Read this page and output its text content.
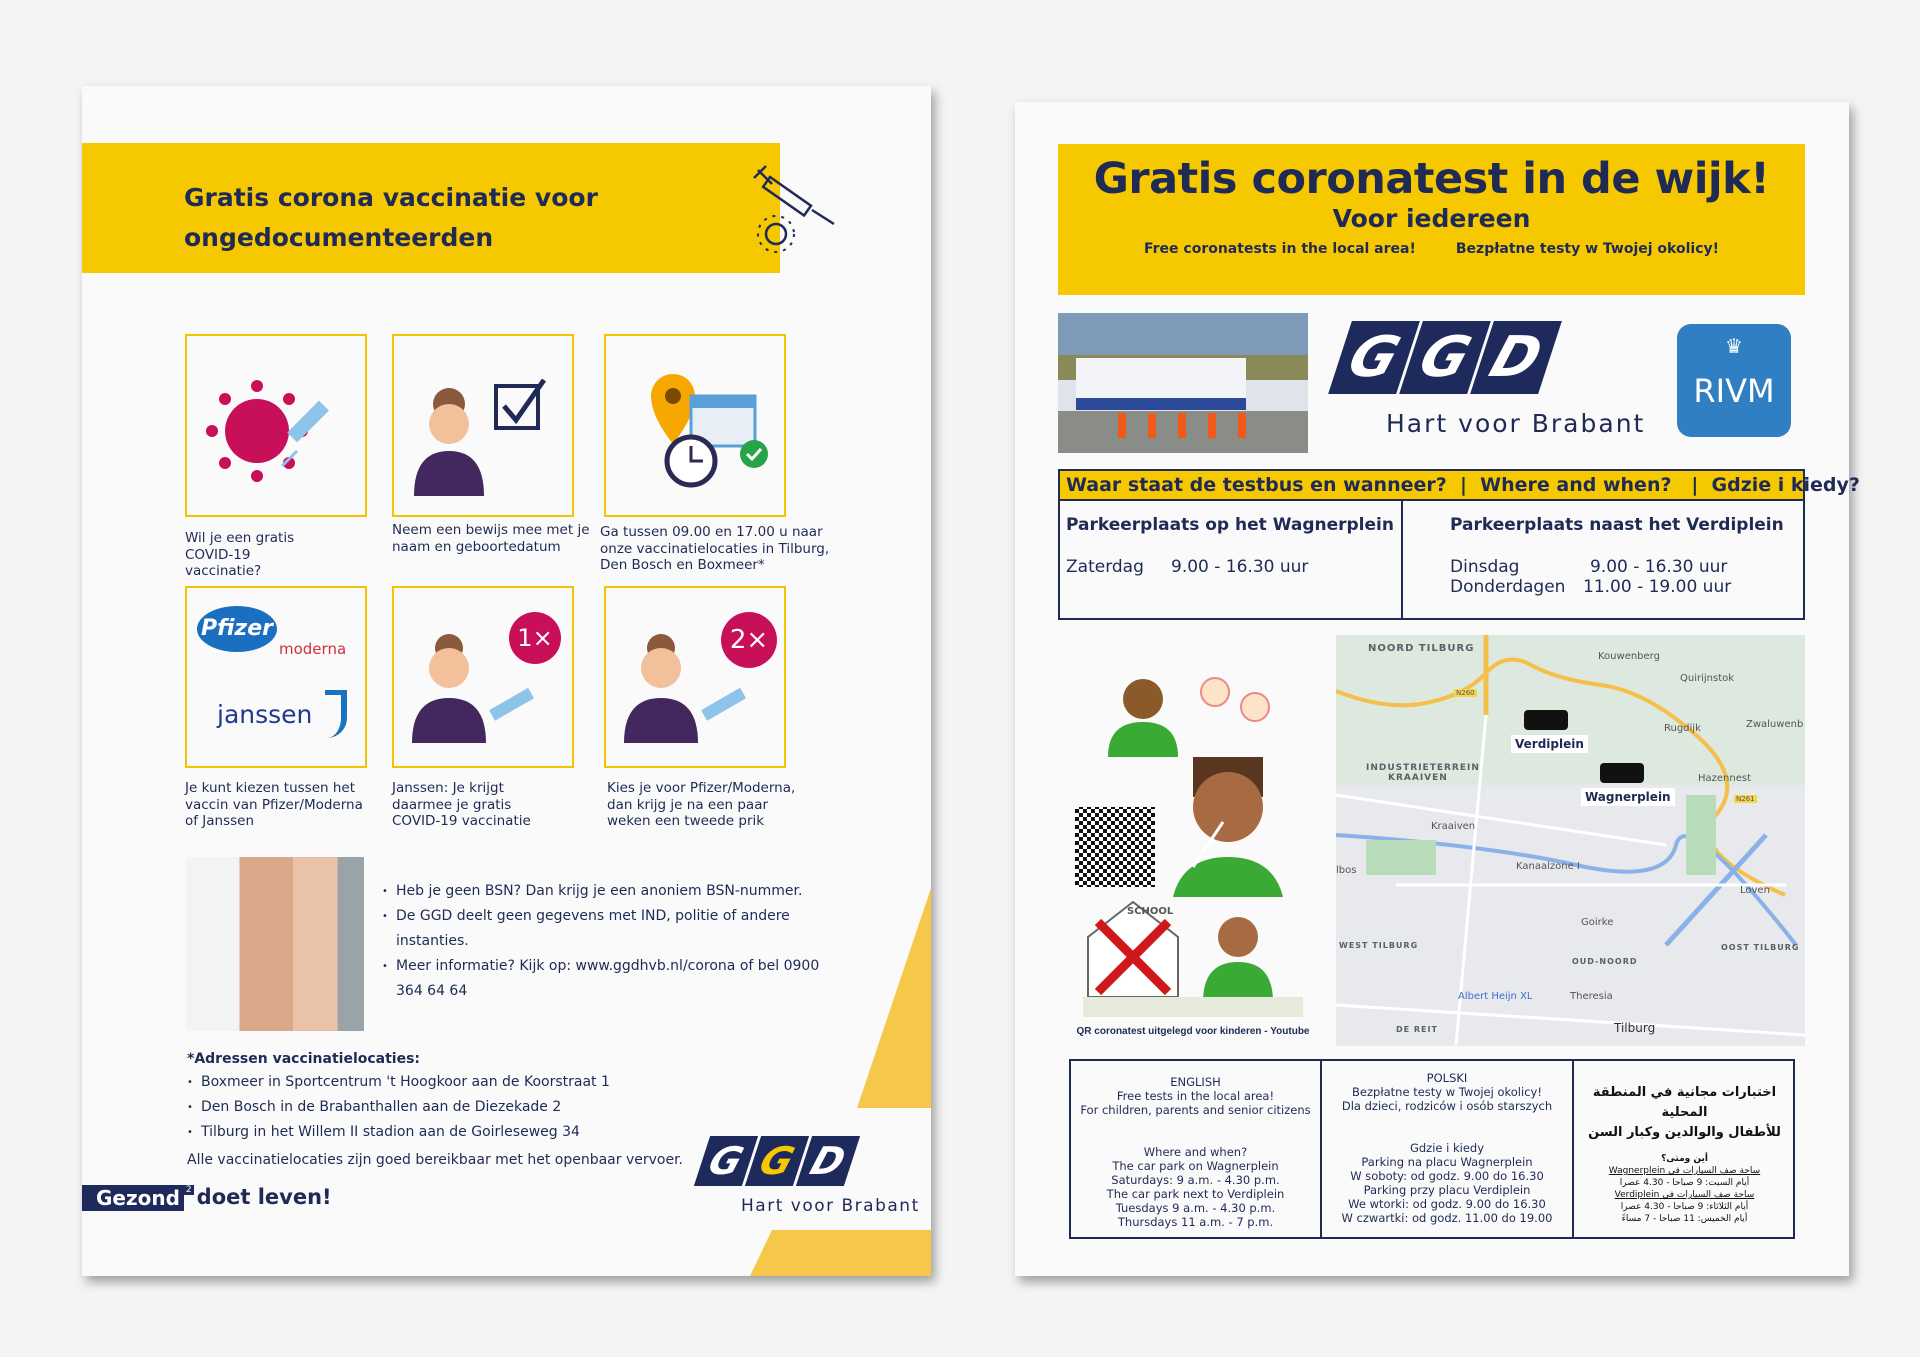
Gratis corona vaccinatie voor
ongedocumenteerden
Wil je een gratis COVID-19 vaccinatie?
Neem een bewijs mee met je naam en geboortedatum
Ga tussen 09.00 en 17.00 u naar onze vaccinatielocaties in Tilburg, Den Bosch en Boxmeer*
Pfizer
moderna
janssen
1×	2×
Je kunt kiezen tussen het vaccin van Pfizer/Moderna of Janssen
Janssen: Je krijgt daarmee je gratis COVID-19 vaccinatie
Kies je voor Pfizer/Moderna, dan krijg je na een paar weken een tweede prik
• Heb je geen BSN? Dan krijg je een anoniem BSN-nummer.
• De GGD deelt geen gegevens met IND, politie of andere instanties.
• Meer informatie? Kijk op: www.ggdhvb.nl/corona of bel 0900 364 64 64
*Adressen vaccinatielocaties:
• Boxmeer in Sportcentrum 't Hoogkoor aan de Koorstraat 1
• Den Bosch in de Brabanthallen aan de Diezekade 2
• Tilburg in het Willem II stadion aan de Goirleseweg 34
Alle vaccinatielocaties zijn goed bereikbaar met het openbaar vervoer.
Gezond $^2$ doet leven!
G G D
Hart voor Brabant
Gratis coronatest in de wijk!
Voor iedereen
Free coronatests in the local area!	Bezpłatne testy w Twojej okolicy!
G G D
Hart voor Brabant
♛
RIVM
Waar staat de testbus en wanneer?  |  Where and when?   |  Gdzie i kiedy?
Parkeerplaats op het Wagnerplein
Zaterdag	9.00 - 16.30 uur
Parkeerplaats naast het Verdiplein
Dinsdag	9.00 - 16.30 uur
Donderdagen	11.00 - 19.00 uur
SCHOOL
QR coronatest uitgelegd voor kinderen - Youtube
NOORD TILBURG
Kouwenberg
Quirijnstok
N260
Rugdijk	Zwaluwenb
INDUSTRIETERREIN
KRAAIVEN	Hazennest
N261
Kraaiven
Kanaalzone I
lbos
Loven
Goirke
WEST TILBURG	OOST TILBURG
OUD-NOORD
Albert Heijn XL	Theresia
DE REIT	Tilburg
Verdiplein
Wagnerplein
ENGLISH
Free tests in the local area!
For children, parents and senior citizens
Where and when?
The car park on Wagnerplein
Saturdays: 9 a.m. - 4.30 p.m.
The car park next to Verdiplein
Tuesdays 9 a.m. - 4.30 p.m.
Thursdays 11 a.m. - 7 p.m.
POLSKI
Bezpłatne testy w Twojej okolicy!
Dla dzieci, rodziców i osób starszych
Gdzie i kiedy
Parking na placu Wagnerplein
W soboty: od godz. 9.00 do 16.30
Parking przy placu Verdiplein
We wtorki: od godz. 9.00 do 16.30
W czwartki: od godz. 11.00 do 19.00
اختبارات مجانية في المنطقة المحلية
للأطفال والوالدين وكبار السن
أين ومتى؟
ساحة صف السيارات في Wagnerplein
أيام السبت: 9 صباحا - 4.30 عصرا
ساحة صف السيارات في Verdiplein
أيام الثلاثاء: 9 صباحا - 4.30 عصرا
أيام الخميس: 11 صباحا - 7 مساءً
